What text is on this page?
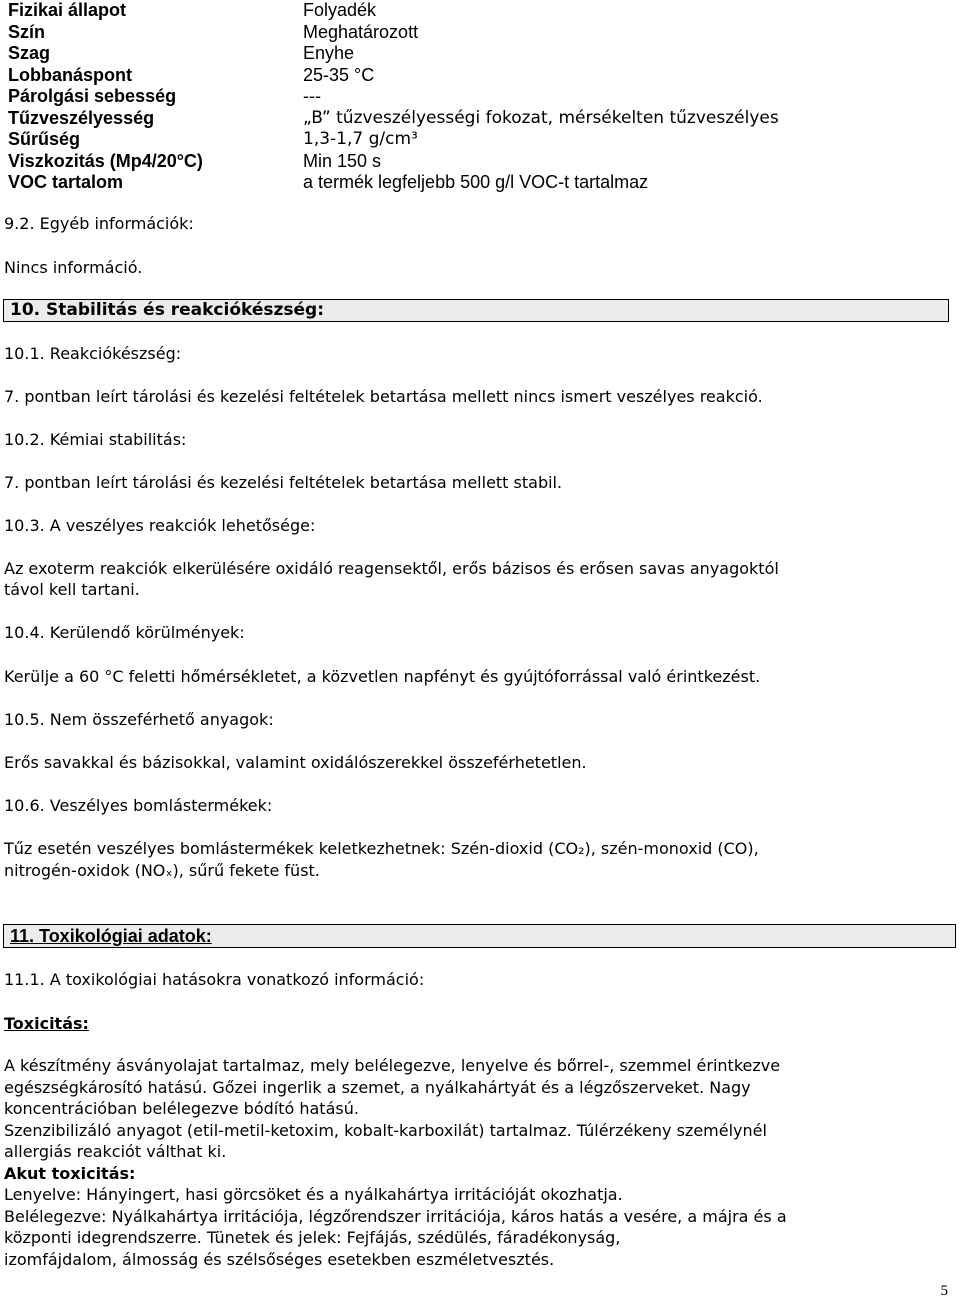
Fizikai állapot	Folyadék
Szín	Meghatározott
Szag	Enyhe
Lobbanáspont	25-35 °C
Párolgási sebesség	---
Tűzveszélyesség	„B” tűzveszélyességi fokozat, mérsékelten tűzveszélyes
Sűrűség	1,3-1,7 g/cm³
Viszkozitás (Mp4/20°C)	Min 150 s
VOC tartalom	a termék legfeljebb 500 g/l VOC-t tartalmaz
9.2. Egyéb információk:
Nincs információ.
10. Stabilitás és reakciókészség:
10.1. Reakciókészség:
7. pontban leírt tárolási és kezelési feltételek betartása mellett nincs ismert veszélyes reakció.
10.2. Kémiai stabilitás:
7. pontban leírt tárolási és kezelési feltételek betartása mellett stabil.
10.3. A veszélyes reakciók lehetősége:
Az exoterm reakciók elkerülésére oxidáló reagensektől, erős bázisos és erősen savas anyagoktól
távol kell tartani.
10.4. Kerülendő körülmények:
Kerülje a 60 °C feletti hőmérsékletet, a közvetlen napfényt és gyújtóforrással való érintkezést.
10.5. Nem összeférhető anyagok:
Erős savakkal és bázisokkal, valamint oxidálószerekkel összeférhetetlen.
10.6. Veszélyes bomlástermékek:
Tűz esetén veszélyes bomlástermékek keletkezhetnek: Szén-dioxid (CO₂), szén-monoxid (CO),
nitrogén-oxidok (NOₓ), sűrű fekete füst.
11. Toxikológiai adatok:
11.1. A toxikológiai hatásokra vonatkozó információ:
Toxicitás:
A készítmény ásványolajat tartalmaz, mely belélegezve, lenyelve és bőrrel-, szemmel érintkezve
egészségkárosító hatású. Gőzei ingerlik a szemet, a nyálkahártyát és a légzőszerveket. Nagy
koncentrációban belélegezve bódító hatású.
Szenzibilizáló anyagot (etil-metil-ketoxim, kobalt-karboxilát) tartalmaz. Túlérzékeny személynél
allergiás reakciót válthat ki.
Akut toxicitás:
Lenyelve: Hányingert, hasi görcsöket és a nyálkahártya irritációját okozhatja.
Belélegezve: Nyálkahártya irritációja, légzőrendszer irritációja, káros hatás a vesére, a májra és a
központi idegrendszerre. Tünetek és jelek: Fejfájás, szédülés, fáradékonyság,
izomfájdalom, álmosság és szélsőséges esetekben eszméletvesztés.
5
